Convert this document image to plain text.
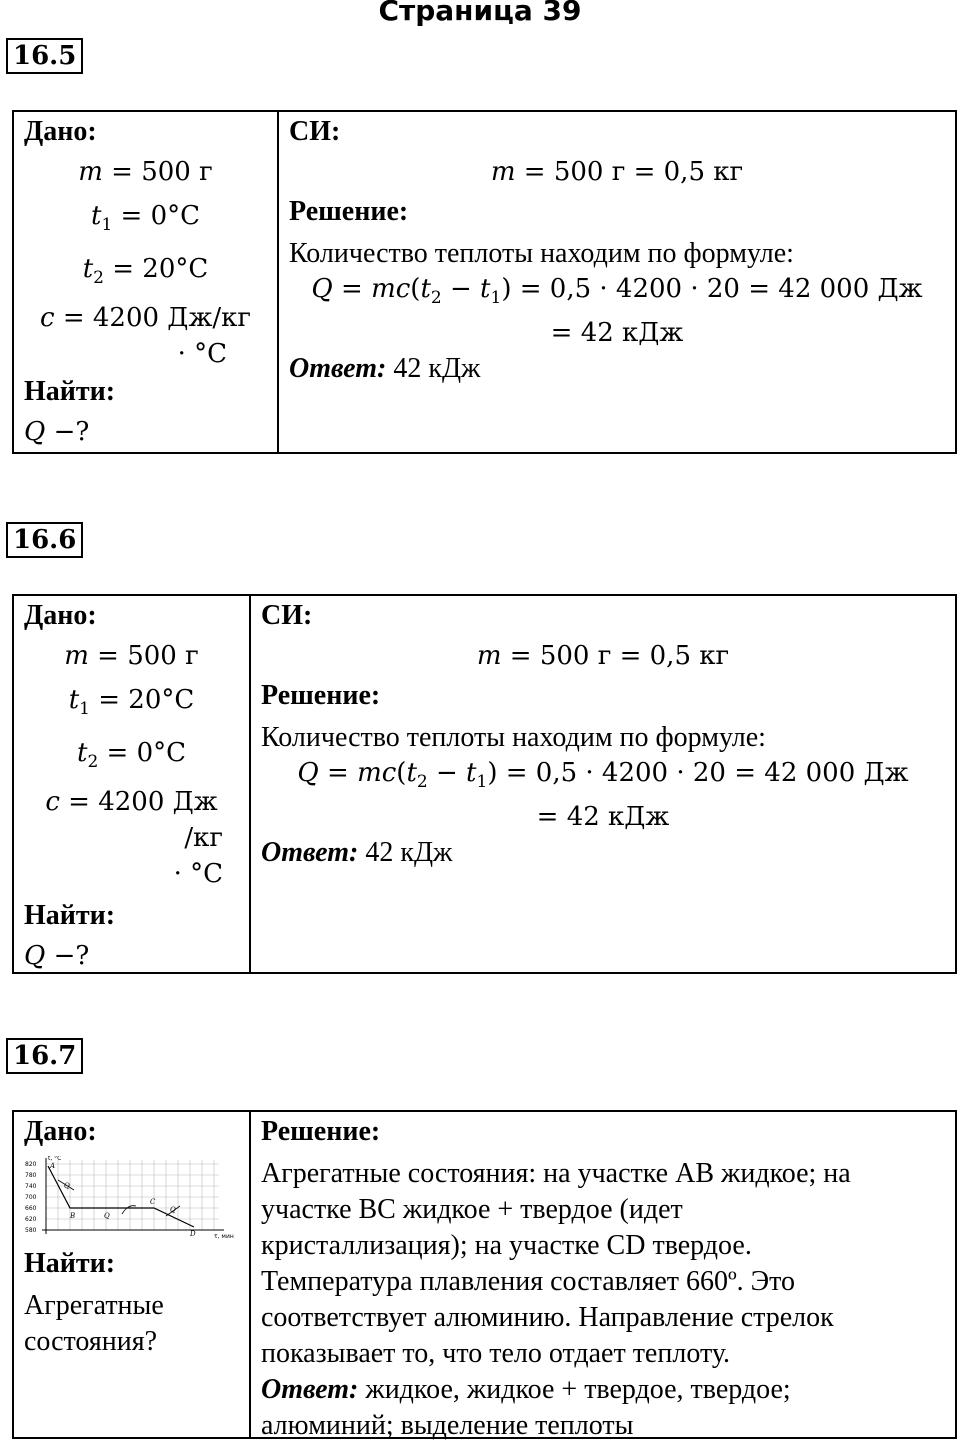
Страница 39
16.5
Дано:
m = 500 г
$t_1 = 0^\circ C$
$t_2 = 20^\circ C$
c = 4200 Дж/кг
· °C
Найти:
Q −?
СИ:
m = 500 г = 0,5 кг
Решение:
Количество теплоты находим по формуле:
$Q = mc(t_2 - t_1) = 0,5 \cdot 4200 \cdot 20 = 42$ 000 Дж
= 42 кДж
Ответ: 42 кДж
16.6
Дано:
m = 500 г
$t_1 = 20^\circ C$
$t_2 = 0^\circ C$
c = 4200 Дж
/кг
· °C
Найти:
Q −?
СИ:
m = 500 г = 0,5 кг
Решение:
Количество теплоты находим по формуле:
$Q = mc(t_2 - t_1) = 0,5 \cdot 4200 \cdot 20 = 42$ 000 Дж
= 42 кДж
Ответ: 42 кДж
16.7
Дано:
820
780
740
700
660
620
580
t, °C
τ, мин
A
B
C
D
Q
Q
Q
Найти:
Агрегатные
состояния?
Решение:
Агрегатные состояния: на участке AB жидкое; на
участке BC жидкое + твердое (идет
кристаллизация); на участке CD твердое.
Температура плавления составляет 660º. Это
соответствует алюминию. Направление стрелок
показывает то, что тело отдает теплоту.
Ответ: жидкое, жидкое + твердое, твердое;
алюминий; выделение теплоты
